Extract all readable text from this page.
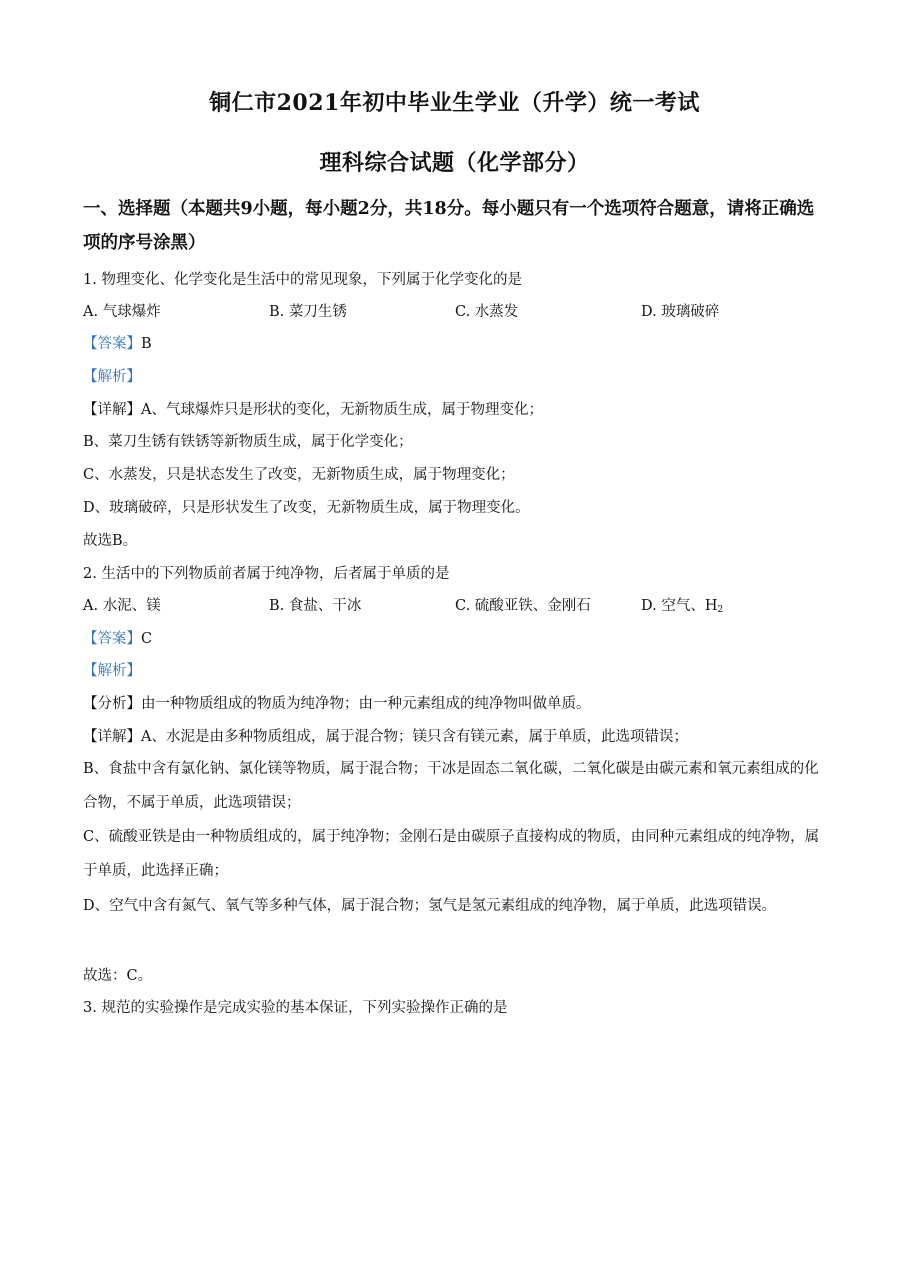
铜仁市2021年初中毕业生学业（升学）统一考试
理科综合试题（化学部分）
一、选择题（本题共9小题，每小题2分，共18分。每小题只有一个选项符合题意，请将正确选项的序号涂黑）
1. 物理变化、化学变化是生活中的常见现象，下列属于化学变化的是
A. 气球爆炸	B. 菜刀生锈	C. 水蒸发	D. 玻璃破碎
【答案】B
【解析】
【详解】A、气球爆炸只是形状的变化，无新物质生成，属于物理变化；
B、菜刀生锈有铁锈等新物质生成，属于化学变化；
C、水蒸发，只是状态发生了改变，无新物质生成，属于物理变化；
D、玻璃破碎，只是形状发生了改变，无新物质生成，属于物理变化。
故选B。
2. 生活中的下列物质前者属于纯净物，后者属于单质的是
A. 水泥、镁	B. 食盐、干冰	C. 硫酸亚铁、金刚石	D. 空气、$H_2$
【答案】C
【解析】
【分析】由一种物质组成的物质为纯净物；由一种元素组成的纯净物叫做单质。
【详解】A、水泥是由多种物质组成，属于混合物；镁只含有镁元素，属于单质，此选项错误；
B、食盐中含有氯化钠、氯化镁等物质，属于混合物；干冰是固态二氧化碳，二氧化碳是由碳元素和氧元素组成的化合物，不属于单质，此选项错误；
C、硫酸亚铁是由一种物质组成的，属于纯净物；金刚石是由碳原子直接构成的物质，由同种元素组成的纯净物，属于单质，此选择正确；
D、空气中含有氮气、氧气等多种气体，属于混合物；氢气是氢元素组成的纯净物，属于单质，此选项错误。
故选：C。
3. 规范的实验操作是完成实验的基本保证，下列实验操作正确的是
